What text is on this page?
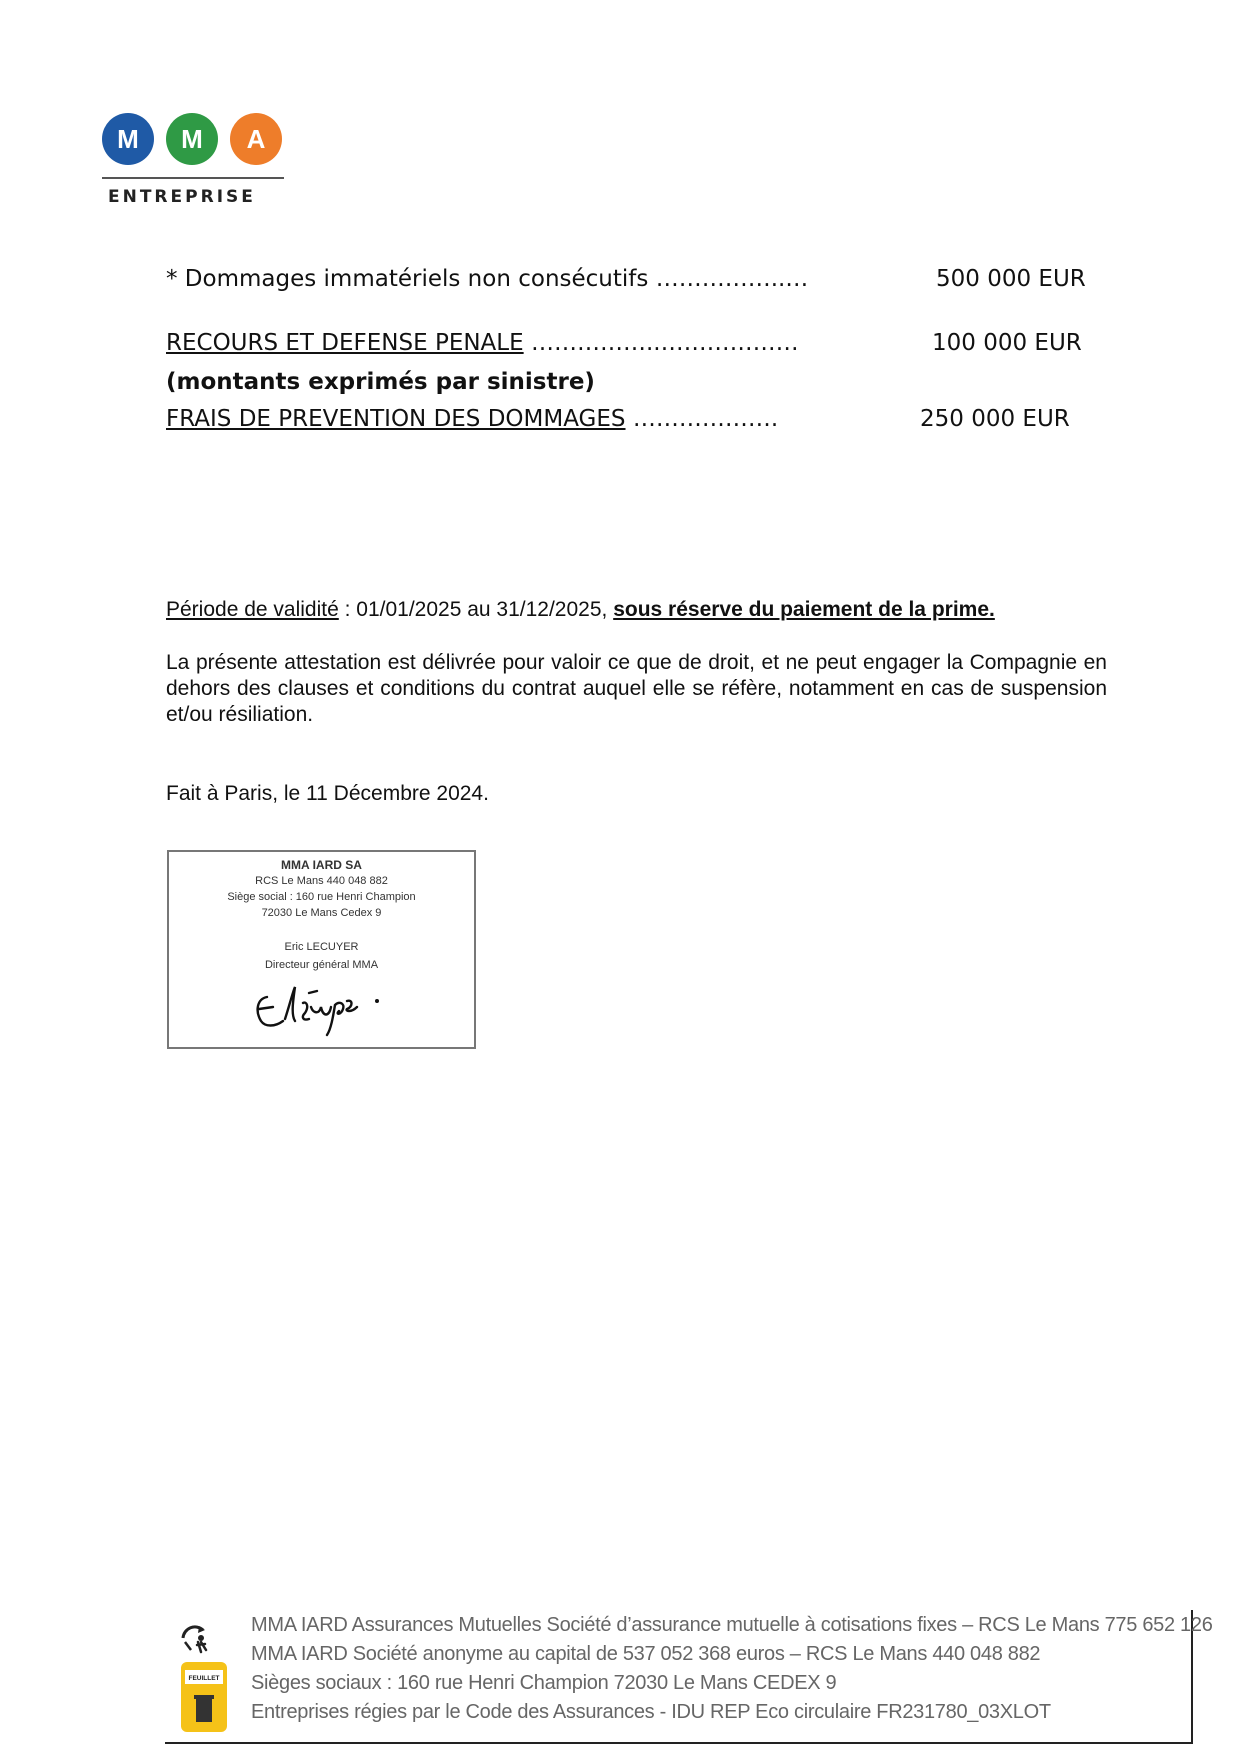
M	M	A
ENTREPRISE
* Dommages immatériels non consécutifs ……………..…	500 000 EUR
RECOURS ET DEFENSE PENALE ……………..………………	100 000 EUR
(montants exprimés par sinistre)
FRAIS DE PREVENTION DES DOMMAGES ……………….	250 000 EUR
Période de validité : 01/01/2025 au 31/12/2025, sous réserve du paiement de la prime.
La présente attestation est délivrée pour valoir ce que de droit, et ne peut engager la Compagnie en dehors des clauses et conditions du contrat auquel elle se réfère, notamment en cas de suspension et/ou résiliation.
Fait à Paris, le 11 Décembre 2024.
MMA IARD SA
RCS Le Mans 440 048 882
Siège social : 160 rue Henri Champion
72030 Le Mans Cedex 9
Eric LECUYER
Directeur général MMA
FEUILLET
MMA IARD Assurances Mutuelles Société d’assurance mutuelle à cotisations fixes – RCS Le Mans 775 652 126
MMA IARD Société anonyme au capital de 537 052 368 euros – RCS Le Mans 440 048 882
Sièges sociaux : 160 rue Henri Champion 72030 Le Mans CEDEX 9
Entreprises régies par le Code des Assurances - IDU REP Eco circulaire FR231780_03XLOT
